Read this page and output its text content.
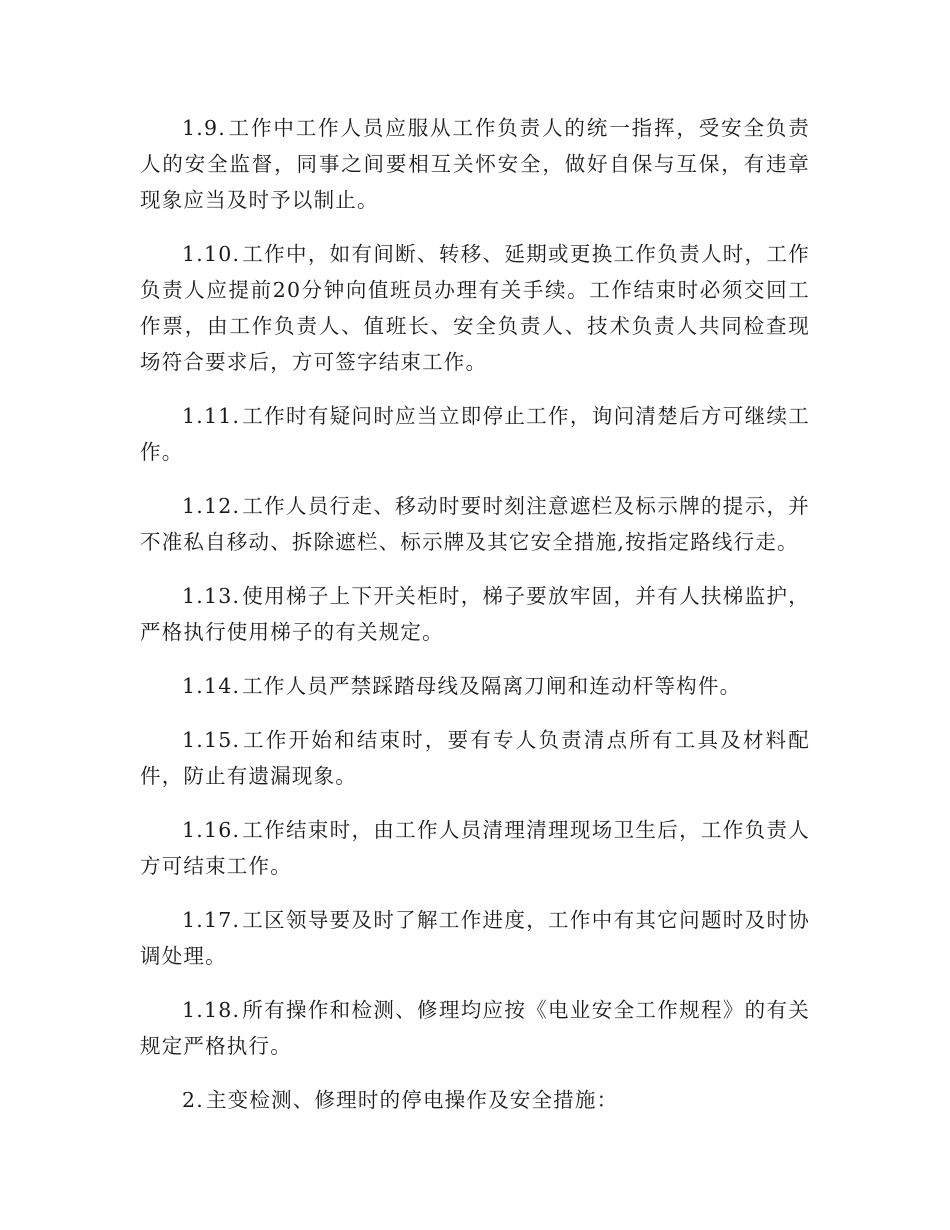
1.9.工作中工作人员应服从工作负责人的统一指挥，受安全负责人的安全监督，同事之间要相互关怀安全，做好自保与互保，有违章现象应当及时予以制止。

1.10.工作中，如有间断、转移、延期或更换工作负责人时，工作负责人应提前20分钟向值班员办理有关手续。工作结束时必须交回工作票，由工作负责人、值班长、安全负责人、技术负责人共同检查现场符合要求后，方可签字结束工作。

1.11.工作时有疑问时应当立即停止工作，询问清楚后方可继续工作。

1.12.工作人员行走、移动时要时刻注意遮栏及标示牌的提示，并不准私自移动、拆除遮栏、标示牌及其它安全措施,按指定路线行走。

1.13.使用梯子上下开关柜时，梯子要放牢固，并有人扶梯监护，严格执行使用梯子的有关规定。

1.14.工作人员严禁踩踏母线及隔离刀闸和连动杆等构件。

1.15.工作开始和结束时，要有专人负责清点所有工具及材料配件，防止有遗漏现象。

1.16.工作结束时，由工作人员清理清理现场卫生后，工作负责人方可结束工作。

1.17.工区领导要及时了解工作进度，工作中有其它问题时及时协调处理。

1.18.所有操作和检测、修理均应按《电业安全工作规程》的有关规定严格执行。

2.主变检测、修理时的停电操作及安全措施：
